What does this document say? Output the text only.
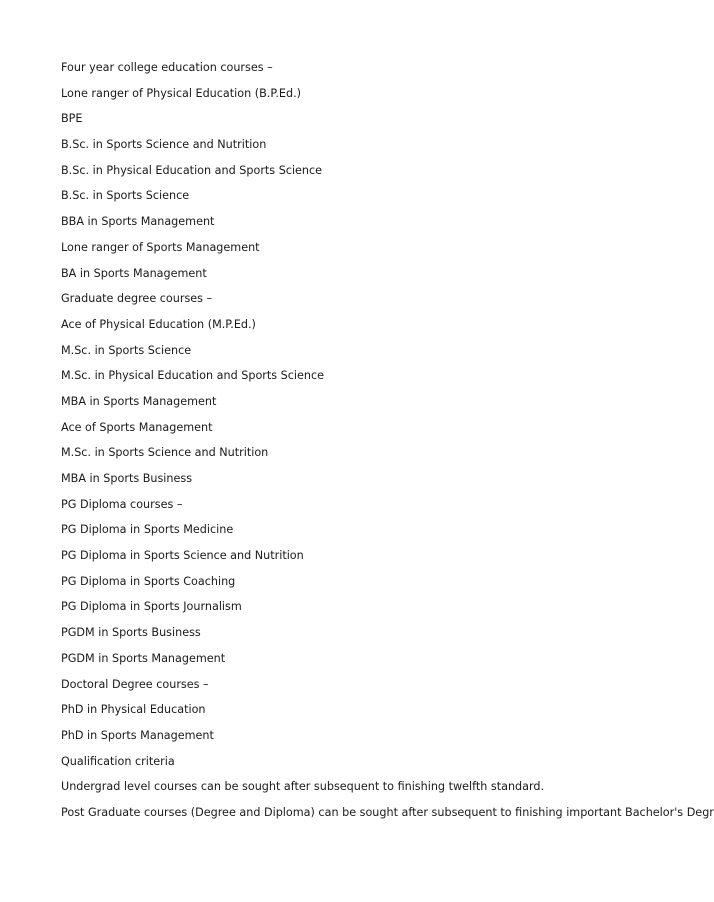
Four year college education courses –

Lone ranger of Physical Education (B.P.Ed.)

BPE

B.Sc. in Sports Science and Nutrition

B.Sc. in Physical Education and Sports Science

B.Sc. in Sports Science

BBA in Sports Management

Lone ranger of Sports Management

BA in Sports Management

Graduate degree courses –

Ace of Physical Education (M.P.Ed.)

M.Sc. in Sports Science

M.Sc. in Physical Education and Sports Science

MBA in Sports Management

Ace of Sports Management

M.Sc. in Sports Science and Nutrition

MBA in Sports Business

PG Diploma courses –

PG Diploma in Sports Medicine

PG Diploma in Sports Science and Nutrition

PG Diploma in Sports Coaching

PG Diploma in Sports Journalism

PGDM in Sports Business

PGDM in Sports Management

Doctoral Degree courses –

PhD in Physical Education

PhD in Sports Management

Qualification criteria

Undergrad level courses can be sought after subsequent to finishing twelfth standard.

Post Graduate courses (Degree and Diploma) can be sought after subsequent to finishing important Bachelor's Degr
